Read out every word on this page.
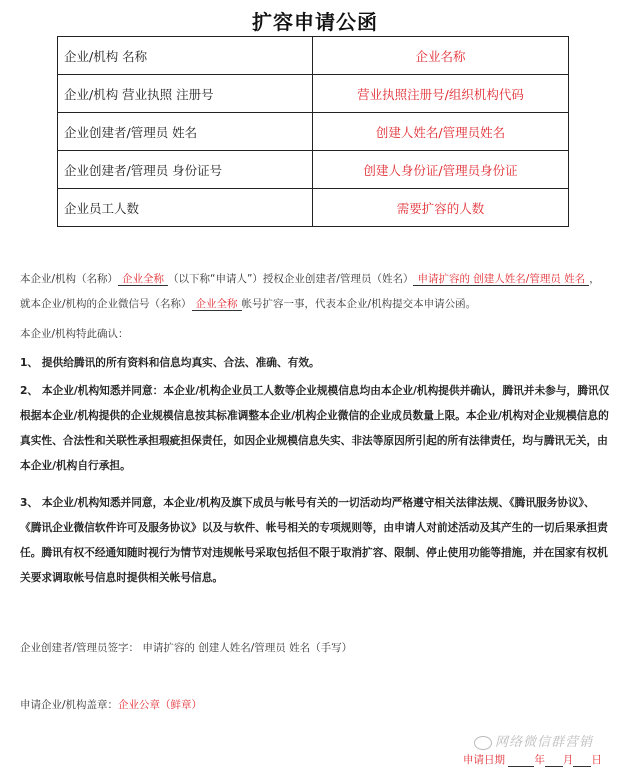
扩容申请公函
企业/机构 名称	企业名称
企业/机构 营业执照 注册号	营业执照注册号/组织机构代码
企业创建者/管理员 姓名	创建人姓名/管理员姓名
企业创建者/管理员 身份证号	创建人身份证/管理员身份证
企业员工人数	需要扩容的人数
本企业/机构（名称） 企业全称 （以下称“申请人”）授权企业创建者/管理员（姓名） 申请扩容的 创建人姓名/管理员 姓名 ，就本企业/机构的企业微信号（名称） 企业全称 帐号扩容一事，代表本企业/机构提交本申请公函。
本企业/机构特此确认：
1、 提供给腾讯的所有资料和信息均真实、合法、准确、有效。
2、 本企业/机构知悉并同意：本企业/机构企业员工人数等企业规模信息均由本企业/机构提供并确认，腾讯并未参与，腾讯仅根据本企业/机构提供的企业规模信息按其标准调整本企业/机构企业微信的企业成员数量上限。本企业/机构对企业规模信息的真实性、合法性和关联性承担瑕疵担保责任，如因企业规模信息失实、非法等原因所引起的所有法律责任，均与腾讯无关，由本企业/机构自行承担。
3、 本企业/机构知悉并同意，本企业/机构及旗下成员与帐号有关的一切活动均严格遵守相关法律法规、《腾讯服务协议》、《腾讯企业微信软件许可及服务协议》以及与软件、帐号相关的专项规则等，由申请人对前述活动及其产生的一切后果承担责任。腾讯有权不经通知随时视行为情节对违规帐号采取包括但不限于取消扩容、限制、停止使用功能等措施，并在国家有权机关要求调取帐号信息时提供相关帐号信息。
企业创建者/管理员签字： 申请扩容的 创建人姓名/管理员 姓名（手写）
申请企业/机构盖章：企业公章（鲜章）
网络微信群营销
申请日期	年 月 日
